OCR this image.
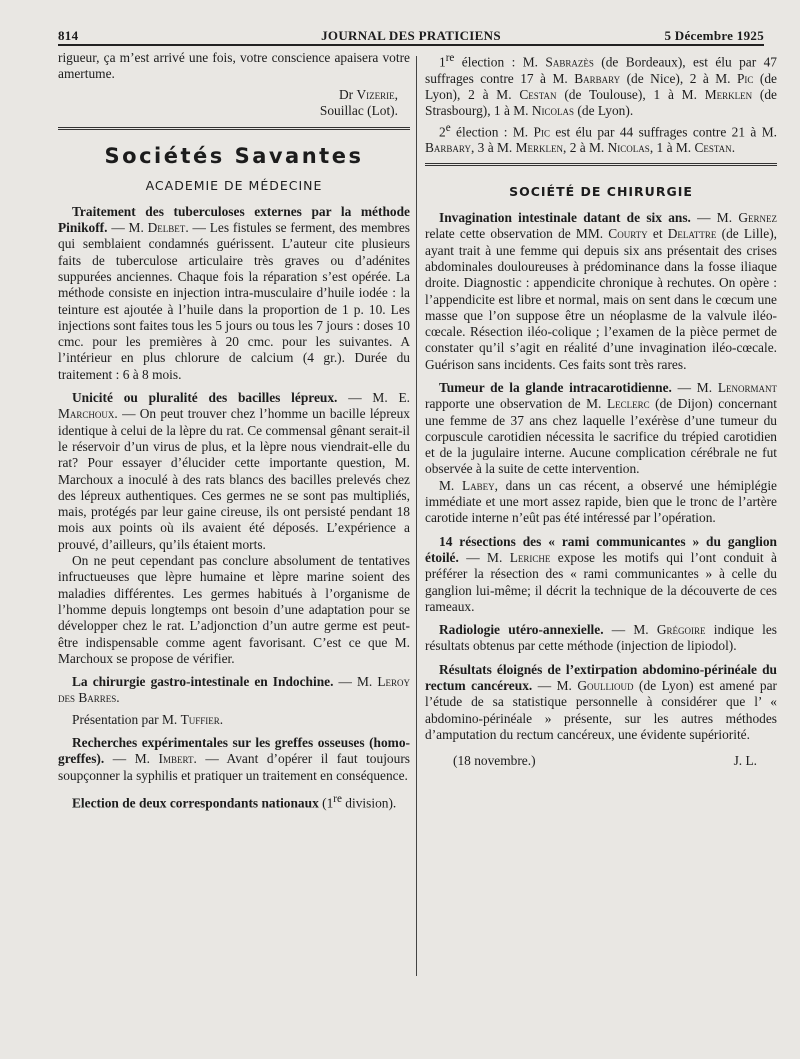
814	JOURNAL DES PRATICIENS	5 Décembre 1925

rigueur, ça m’est arrivé une fois, votre conscience apaisera votre amertume.

Dr Vizerie,

Souillac (Lot).

Sociétés Savantes
ACADEMIE DE MÉDECINE

Traitement des tuberculoses externes par la méthode Pinikoff. — M. Delbet. — Les fistules se ferment, des membres qui semblaient condamnés guérissent. L’auteur cite plusieurs faits de tuberculose articulaire très graves ou d’adénites suppurées anciennes. Chaque fois la réparation s’est opérée. La méthode consiste en injection intra-musculaire d’huile iodée : la teinture est ajoutée à l’huile dans la proportion de 1 p. 10. Les injections sont faites tous les 5 jours ou tous les 7 jours : doses 10 cmc. pour les premières à 20 cmc. pour les suivantes. A l’intérieur en plus chlorure de calcium (4 gr.). Durée du traitement : 6 à 8 mois.

Unicité ou pluralité des bacilles lépreux. — M. E. Marchoux. — On peut trouver chez l’homme un bacille lépreux identique à celui de la lèpre du rat. Ce commensal gênant serait-il le réservoir d’un virus de plus, et la lèpre nous viendrait-elle du rat? Pour essayer d’élucider cette importante question, M. Marchoux a inoculé à des rats blancs des bacilles prelevés chez des lépreux authentiques. Ces germes ne se sont pas multipliés, mais, protégés par leur gaine cireuse, ils ont persisté pendant 18 mois aux points où ils avaient été déposés. L’expérience a prouvé, d’ailleurs, qu’ils étaient morts.

On ne peut cependant pas conclure absolument de tentatives infructueuses que lèpre humaine et lèpre marine soient des maladies différentes. Les germes habitués à l’organisme de l’homme depuis longtemps ont besoin d’une adaptation pour se développer chez le rat. L’adjonction d’un autre germe est peut-être indispensable comme agent favorisant. C’est ce que M. Marchoux se propose de vérifier.

La chirurgie gastro-intestinale en Indochine. — M. Leroy des Barres.

Présentation par M. Tuffier.

Recherches expérimentales sur les greffes osseuses (homo-greffes). — M. Imbert. — Avant d’opérer il faut toujours soupçonner la syphilis et pratiquer un traitement en conséquence.

Election de deux correspondants nationaux (1re division).

1re élection : M. Sabrazès (de Bordeaux), est élu par 47 suffrages contre 17 à M. Barbary (de Nice), 2 à M. Pic (de Lyon), 2 à M. Cestan (de Toulouse), 1 à M. Merklen (de Strasbourg), 1 à M. Nicolas (de Lyon).

2e élection : M. Pic est élu par 44 suffrages contre 21 à M. Barbary, 3 à M. Merklen, 2 à M. Nicolas, 1 à M. Cestan.

SOCIÉTÉ DE CHIRURGIE

Invagination intestinale datant de six ans. — M. Gernez relate cette observation de MM. Courty et Delattre (de Lille), ayant trait à une femme qui depuis six ans présentait des crises abdominales douloureuses à prédominance dans la fosse iliaque droite. Diagnostic : appendicite chronique à rechutes. On opère : l’appendicite est libre et normal, mais on sent dans le cœcum une masse que l’on suppose être un néoplasme de la valvule iléo-cœcale. Résection iléo-colique ; l’examen de la pièce permet de constater qu’il s’agit en réalité d’une invagination iléo-cœcale. Guérison sans incidents. Ces faits sont très rares.

Tumeur de la glande intracarotidienne. — M. Lenormant rapporte une observation de M. Leclerc (de Dijon) concernant une femme de 37 ans chez laquelle l’exérèse d’une tumeur du corpuscule carotidien nécessita le sacrifice du trépied carotidien et de la jugulaire interne. Aucune complication cérébrale ne fut observée à la suite de cette intervention.

M. Labey, dans un cas récent, a observé une hémiplégie immédiate et une mort assez rapide, bien que le tronc de l’artère carotide interne n’eût pas été intéressé par l’opération.

14 résections des « rami communicantes » du ganglion étoilé. — M. Leriche expose les motifs qui l’ont conduit à préférer la résection des « rami communicantes » à celle du ganglion lui-même; il décrit la technique de la découverte de ces rameaux.

Radiologie utéro-annexielle. — M. Grégoire indique les résultats obtenus par cette méthode (injection de lipiodol).

Résultats éloignés de l’extirpation abdomino-périnéale du rectum cancéreux. — M. Goullioud (de Lyon) est amené par l’étude de sa statistique personnelle à considérer que l’ « abdomino-périnéale » présente, sur les autres méthodes d’amputation du rectum cancéreux, une évidente supériorité.

(18 novembre.)	J. L.
